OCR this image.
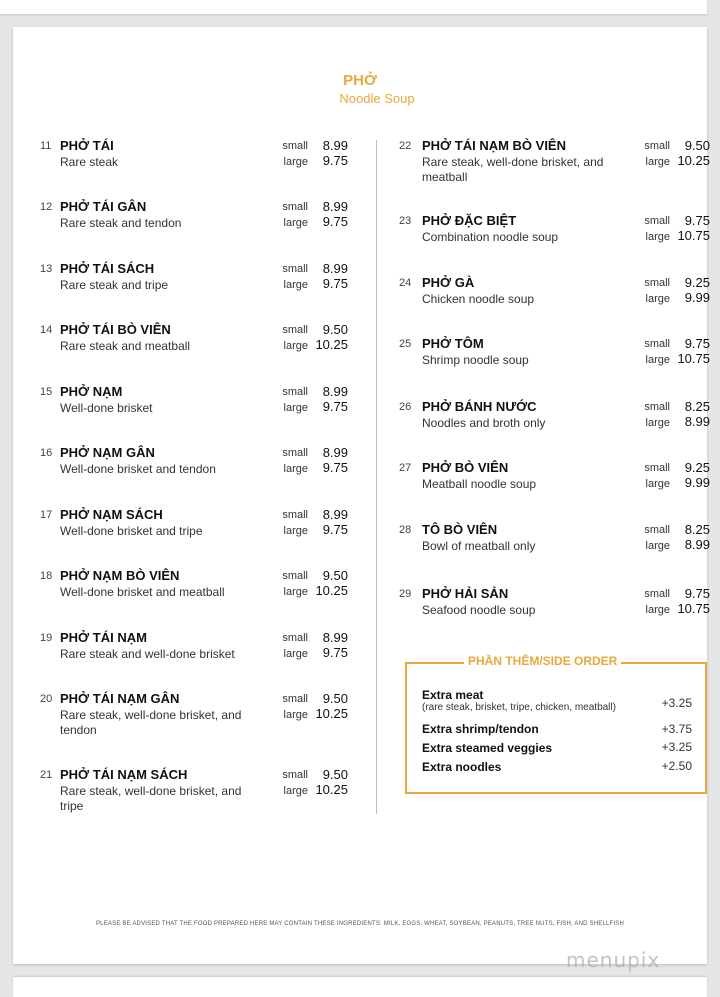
PHỞ
Noodle Soup
11 PHỞ TÁI
Rare steak
small	8.99
large	9.75
12 PHỞ TÁI GÂN
Rare steak and tendon
small	8.99
large	9.75
13 PHỞ TÁI SÁCH
Rare steak and tripe
small	8.99
large	9.75
14 PHỞ TÁI BÒ VIÊN
Rare steak and meatball
small	9.50
large 10.25
15 PHỞ NẠM
Well-done brisket
small	8.99
large	9.75
16 PHỞ NẠM GÂN
Well-done brisket and tendon
small	8.99
large	9.75
17 PHỞ NẠM SÁCH
Well-done brisket and tripe
small	8.99
large	9.75
18 PHỞ NẠM BÒ VIÊN
Well-done brisket and meatball
small	9.50
large 10.25
19 PHỞ TÁI NẠM
Rare steak and well-done brisket
small	8.99
large	9.75
20 PHỞ TÁI NẠM GÂN
Rare steak, well-done brisket, and tendon
small	9.50
large 10.25
21 PHỞ TÁI NẠM SÁCH
Rare steak, well-done brisket, and tripe
small	9.50
large 10.25
22 PHỞ TÁI NẠM BÒ VIÊN
Rare steak, well-done brisket, and meatball
small	9.50
large 10.25
23 PHỞ ĐẶC BIỆT
Combination noodle soup
small	9.75
large 10.75
24 PHỞ GÀ
Chicken noodle soup
small	9.25
large	9.99
25 PHỞ TÔM
Shrimp noodle soup
small	9.75
large 10.75
26 PHỞ BÁNH NƯỚC
Noodles and broth only
small	8.25
large	8.99
27 PHỞ BÒ VIÊN
Meatball noodle soup
small	9.25
large	9.99
28 TÔ BÒ VIÊN
Bowl of meatball only
small	8.25
large	8.99
29 PHỞ HẢI SẢN
Seafood noodle soup
small	9.75
large 10.75
PHẦN THÊM/SIDE ORDER
Extra meat
(rare steak, brisket, tripe, chicken, meatball)	+3.25
Extra shrimp/tendon	+3.75
Extra steamed veggies	+3.25
Extra noodles	+2.50
PLEASE BE ADVISED THAT THE FOOD PREPARED HERE MAY CONTAIN THESE INGREDIENTS: MILK, EGGS, WHEAT, SOYBEAN, PEANUTS, TREE NUTS, FISH, AND SHELLFISH
menupix
